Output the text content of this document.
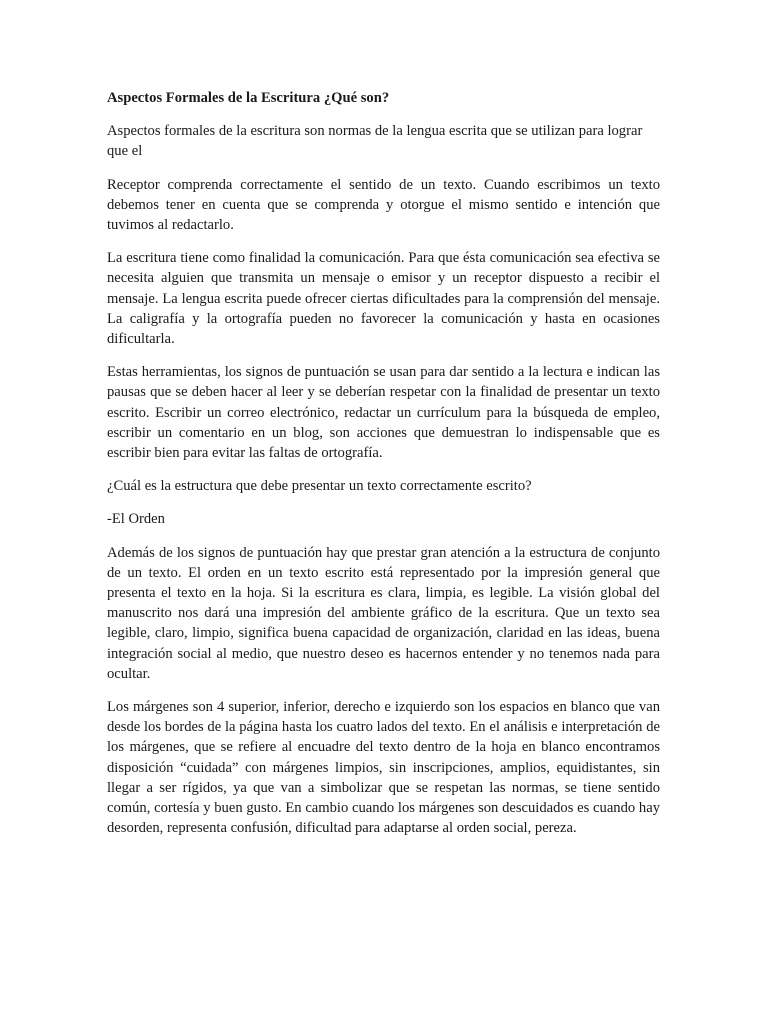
Aspectos Formales de la Escritura ¿Qué son?

Aspectos formales de la escritura son normas de la lengua escrita que se utilizan para lograr que el

Receptor comprenda correctamente el sentido de un texto. Cuando escribimos un texto debemos tener en cuenta que se comprenda y otorgue el mismo sentido e intención que tuvimos al redactarlo.

La escritura tiene como finalidad la comunicación. Para que ésta comunicación sea efectiva se necesita alguien que transmita un mensaje o emisor y un receptor dispuesto a recibir el mensaje. La lengua escrita puede ofrecer ciertas dificultades para la comprensión del mensaje. La caligrafía y la ortografía pueden no favorecer la comunicación y hasta en ocasiones dificultarla.

Estas herramientas, los signos de puntuación se usan para dar sentido a la lectura e indican las pausas que se deben hacer al leer y se deberían respetar con la finalidad de presentar un texto escrito. Escribir un correo electrónico, redactar un currículum para la búsqueda de empleo, escribir un comentario en un blog, son acciones que demuestran lo indispensable que es escribir bien para evitar las faltas de ortografía.

¿Cuál es la estructura que debe presentar un texto correctamente escrito?

-El Orden

Además de los signos de puntuación hay que prestar gran atención a la estructura de conjunto de un texto. El orden en un texto escrito está representado por la impresión general que presenta el texto en la hoja. Si la escritura es clara, limpia, es legible. La visión global del manuscrito nos dará una impresión del ambiente gráfico de la escritura. Que un texto sea legible, claro, limpio, significa buena capacidad de organización, claridad en las ideas, buena integración social al medio, que nuestro deseo es hacernos entender y no tenemos nada para ocultar.

Los márgenes son 4 superior, inferior, derecho e izquierdo son los espacios en blanco que van desde los bordes de la página hasta los cuatro lados del texto. En el análisis e interpretación de los márgenes, que se refiere al encuadre del texto dentro de la hoja en blanco encontramos disposición “cuidada” con márgenes limpios, sin inscripciones, amplios, equidistantes, sin llegar a ser rígidos, ya que van a simbolizar que se respetan las normas, se tiene sentido común, cortesía y buen gusto. En cambio cuando los márgenes son descuidados es cuando hay desorden, representa confusión, dificultad para adaptarse al orden social, pereza.
